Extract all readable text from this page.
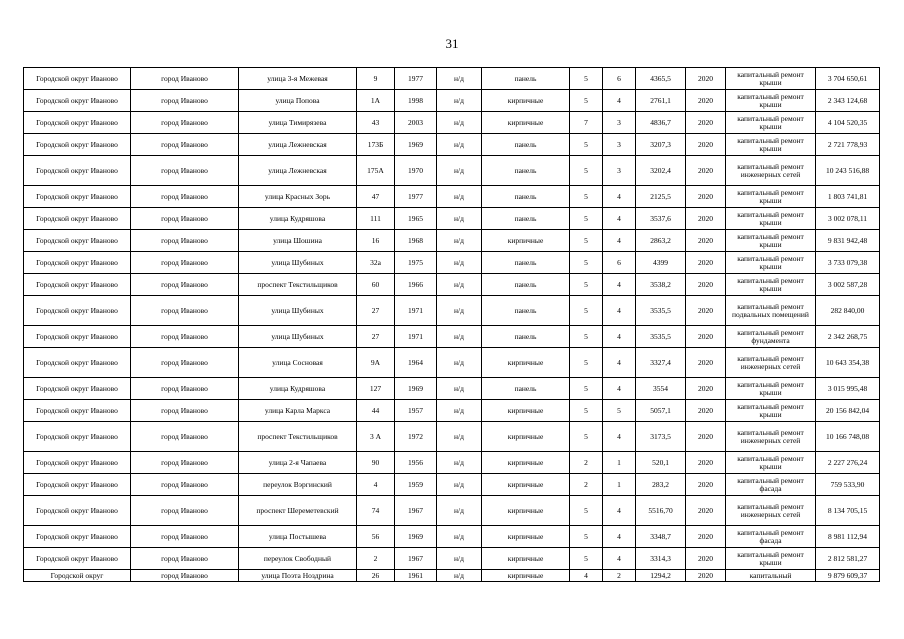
31
Городской округ Иваново	город Иваново	улица 3-я Межевая	9	1977	н/д	панель	5	6	4365,5	2020	капитальный ремонт крыши	3 704 650,61
Городской округ Иваново	город Иваново	улица Попова	1А	1998	н/д	кирпичные	5	4	2761,1	2020	капитальный ремонт крыши	2 343 124,68
Городской округ Иваново	город Иваново	улица Тимирязева	43	2003	н/д	кирпичные	7	3	4836,7	2020	капитальный ремонт крыши	4 104 520,35
Городской округ Иваново	город Иваново	улица Лежневская	173Б	1969	н/д	панель	5	3	3207,3	2020	капитальный ремонт крыши	2 721 778,93
Городской округ Иваново	город Иваново	улица Лежневская	175А	1970	н/д	панель	5	3	3202,4	2020	капитальный ремонт инженерных сетей	10 243 516,88
Городской округ Иваново	город Иваново	улица Красных Зорь	47	1977	н/д	панель	5	4	2125,5	2020	капитальный ремонт крыши	1 803 741,81
Городской округ Иваново	город Иваново	улица Кудряшова	111	1965	н/д	панель	5	4	3537,6	2020	капитальный ремонт крыши	3 002 078,11
Городской округ Иваново	город Иваново	улица Шошина	16	1968	н/д	кирпичные	5	4	2863,2	2020	капитальный ремонт крыши	9 831 942,48
Городской округ Иваново	город Иваново	улица Шубиных	32а	1975	н/д	панель	5	6	4399	2020	капитальный ремонт крыши	3 733 079,38
Городской округ Иваново	город Иваново	проспект Текстильщиков	60	1966	н/д	панель	5	4	3538,2	2020	капитальный ремонт крыши	3 002 587,28
Городской округ Иваново	город Иваново	улица Шубиных	27	1971	н/д	панель	5	4	3535,5	2020	капитальный ремонт подвальных помещений	282 840,00
Городской округ Иваново	город Иваново	улица Шубиных	27	1971	н/д	панель	5	4	3535,5	2020	капитальный ремонт фундамента	2 342 268,75
Городской округ Иваново	город Иваново	улица Сосновая	9А	1964	н/д	кирпичные	5	4	3327,4	2020	капитальный ремонт инженерных сетей	10 643 354,38
Городской округ Иваново	город Иваново	улица Кудряшова	127	1969	н/д	панель	5	4	3554	2020	капитальный ремонт крыши	3 015 995,48
Городской округ Иваново	город Иваново	улица Карла Маркса	44	1957	н/д	кирпичные	5	5	5057,1	2020	капитальный ремонт крыши	20 156 842,04
Городской округ Иваново	город Иваново	проспект Текстильщиков	3 А	1972	н/д	кирпичные	5	4	3173,5	2020	капитальный ремонт инженерных сетей	10 166 748,08
Городской округ Иваново	город Иваново	улица 2-я Чапаева	90	1956	н/д	кирпичные	2	1	520,1	2020	капитальный ремонт крыши	2 227 276,24
Городской округ Иваново	город Иваново	переулок Вэргинский	4	1959	н/д	кирпичные	2	1	283,2	2020	капитальный ремонт фасада	759 533,90
Городской округ Иваново	город Иваново	проспект Шереметевский	74	1967	н/д	кирпичные	5	4	5516,70	2020	капитальный ремонт инженерных сетей	8 134 705,15
Городской округ Иваново	город Иваново	улица Постышева	56	1969	н/д	кирпичные	5	4	3348,7	2020	капитальный ремонт фасада	8 981 112,94
Городской округ Иваново	город Иваново	переулок Свободный	2	1967	н/д	кирпичные	5	4	3314,3	2020	капитальный ремонт крыши	2 812 581,27
Городской округ	город Иваново	улица Поэта Ноздрина	26	1961	н/д	кирпичные	4	2	1294,2	2020	капитальный	9 879 609,37
